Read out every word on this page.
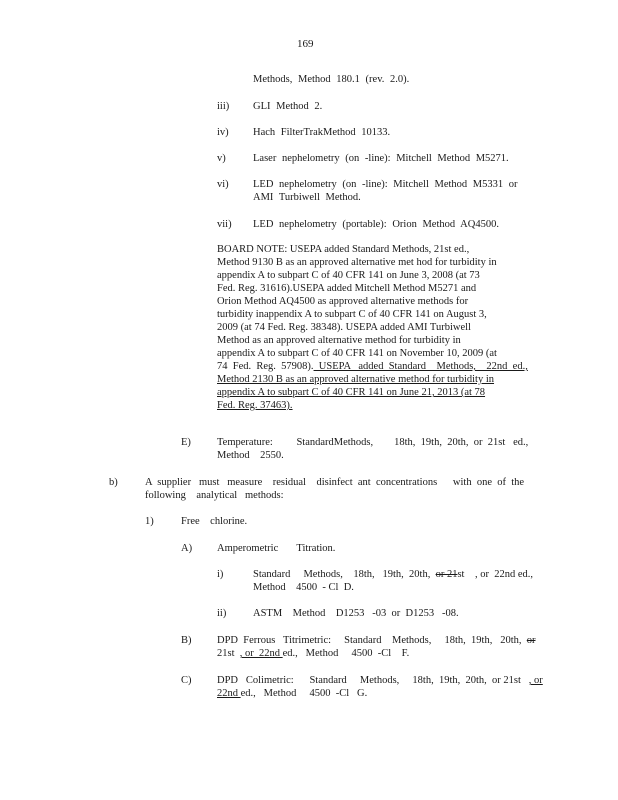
169
Methods, Method 180.1 (rev. 2.0).
iii) GLI Method 2.
iv) Hach FilterTrakMethod 10133.
v)	Laser nephelometry (on -line): Mitchell Method M5271.
vi) LED nephelometry (on -line): Mitchell Method M5331 or
AMI Turbiwell Method.
vii) LED nephelometry (portable): Orion Method AQ4500.
BOARD NOTE: USEPA added Standard Methods, 21st ed.,
Method 9130 B as an approved alternative met hod for turbidity in
appendix A to subpart C of 40 CFR 141 on June 3, 2008 (at 73
Fed. Reg. 31616).USEPA added Mitchell Method M5271 and
Orion Method AQ4500 as approved alternative methods for
turbidity inappendix A to subpart C of 40 CFR 141 on August 3,
2009 (at 74 Fed. Reg. 38348). USEPA added AMI Turbiwell
Method as an approved alternative method for turbidity in
appendix A to subpart C of 40 CFR 141 on November 10, 2009 (at
74  Fed.  Reg.  57908).  USEPA   added  Standard    Methods,    22nd  ed.,
Method 2130 B as an approved alternative method for turbidity in
appendix A to subpart C of 40 CFR 141 on June 21, 2013 (at 78
Fed. Reg. 37463).
E) Temperature:         StandardMethods,        18th,  19th,  20th,  or  21st   ed.,
Method    2550.
b)	A  supplier   must   measure    residual    disinfect  ant  concentrations      with  one  of  the
following    analytical   methods:
1)	Free    chlorine.
A) Amperometric       Titration.
i)	Standard     Methods,    18th,   19th,  20th,  or 21st    , or  22nd ed.,
Method    4500  - Cl  D.
ii)	ASTM    Method    D1253   -03  or  D1253   -08.
B) DPD  Ferrous   Titrimetric:     Standard    Methods,     18th,  19th,   20th,  or
21st  , or  22nd ed.,   Method     4500  -Cl    F.
C) DPD   Colimetric:      Standard     Methods,     18th,  19th,  20th,  or 21st   , or
22nd ed.,   Method     4500  -Cl   G.
